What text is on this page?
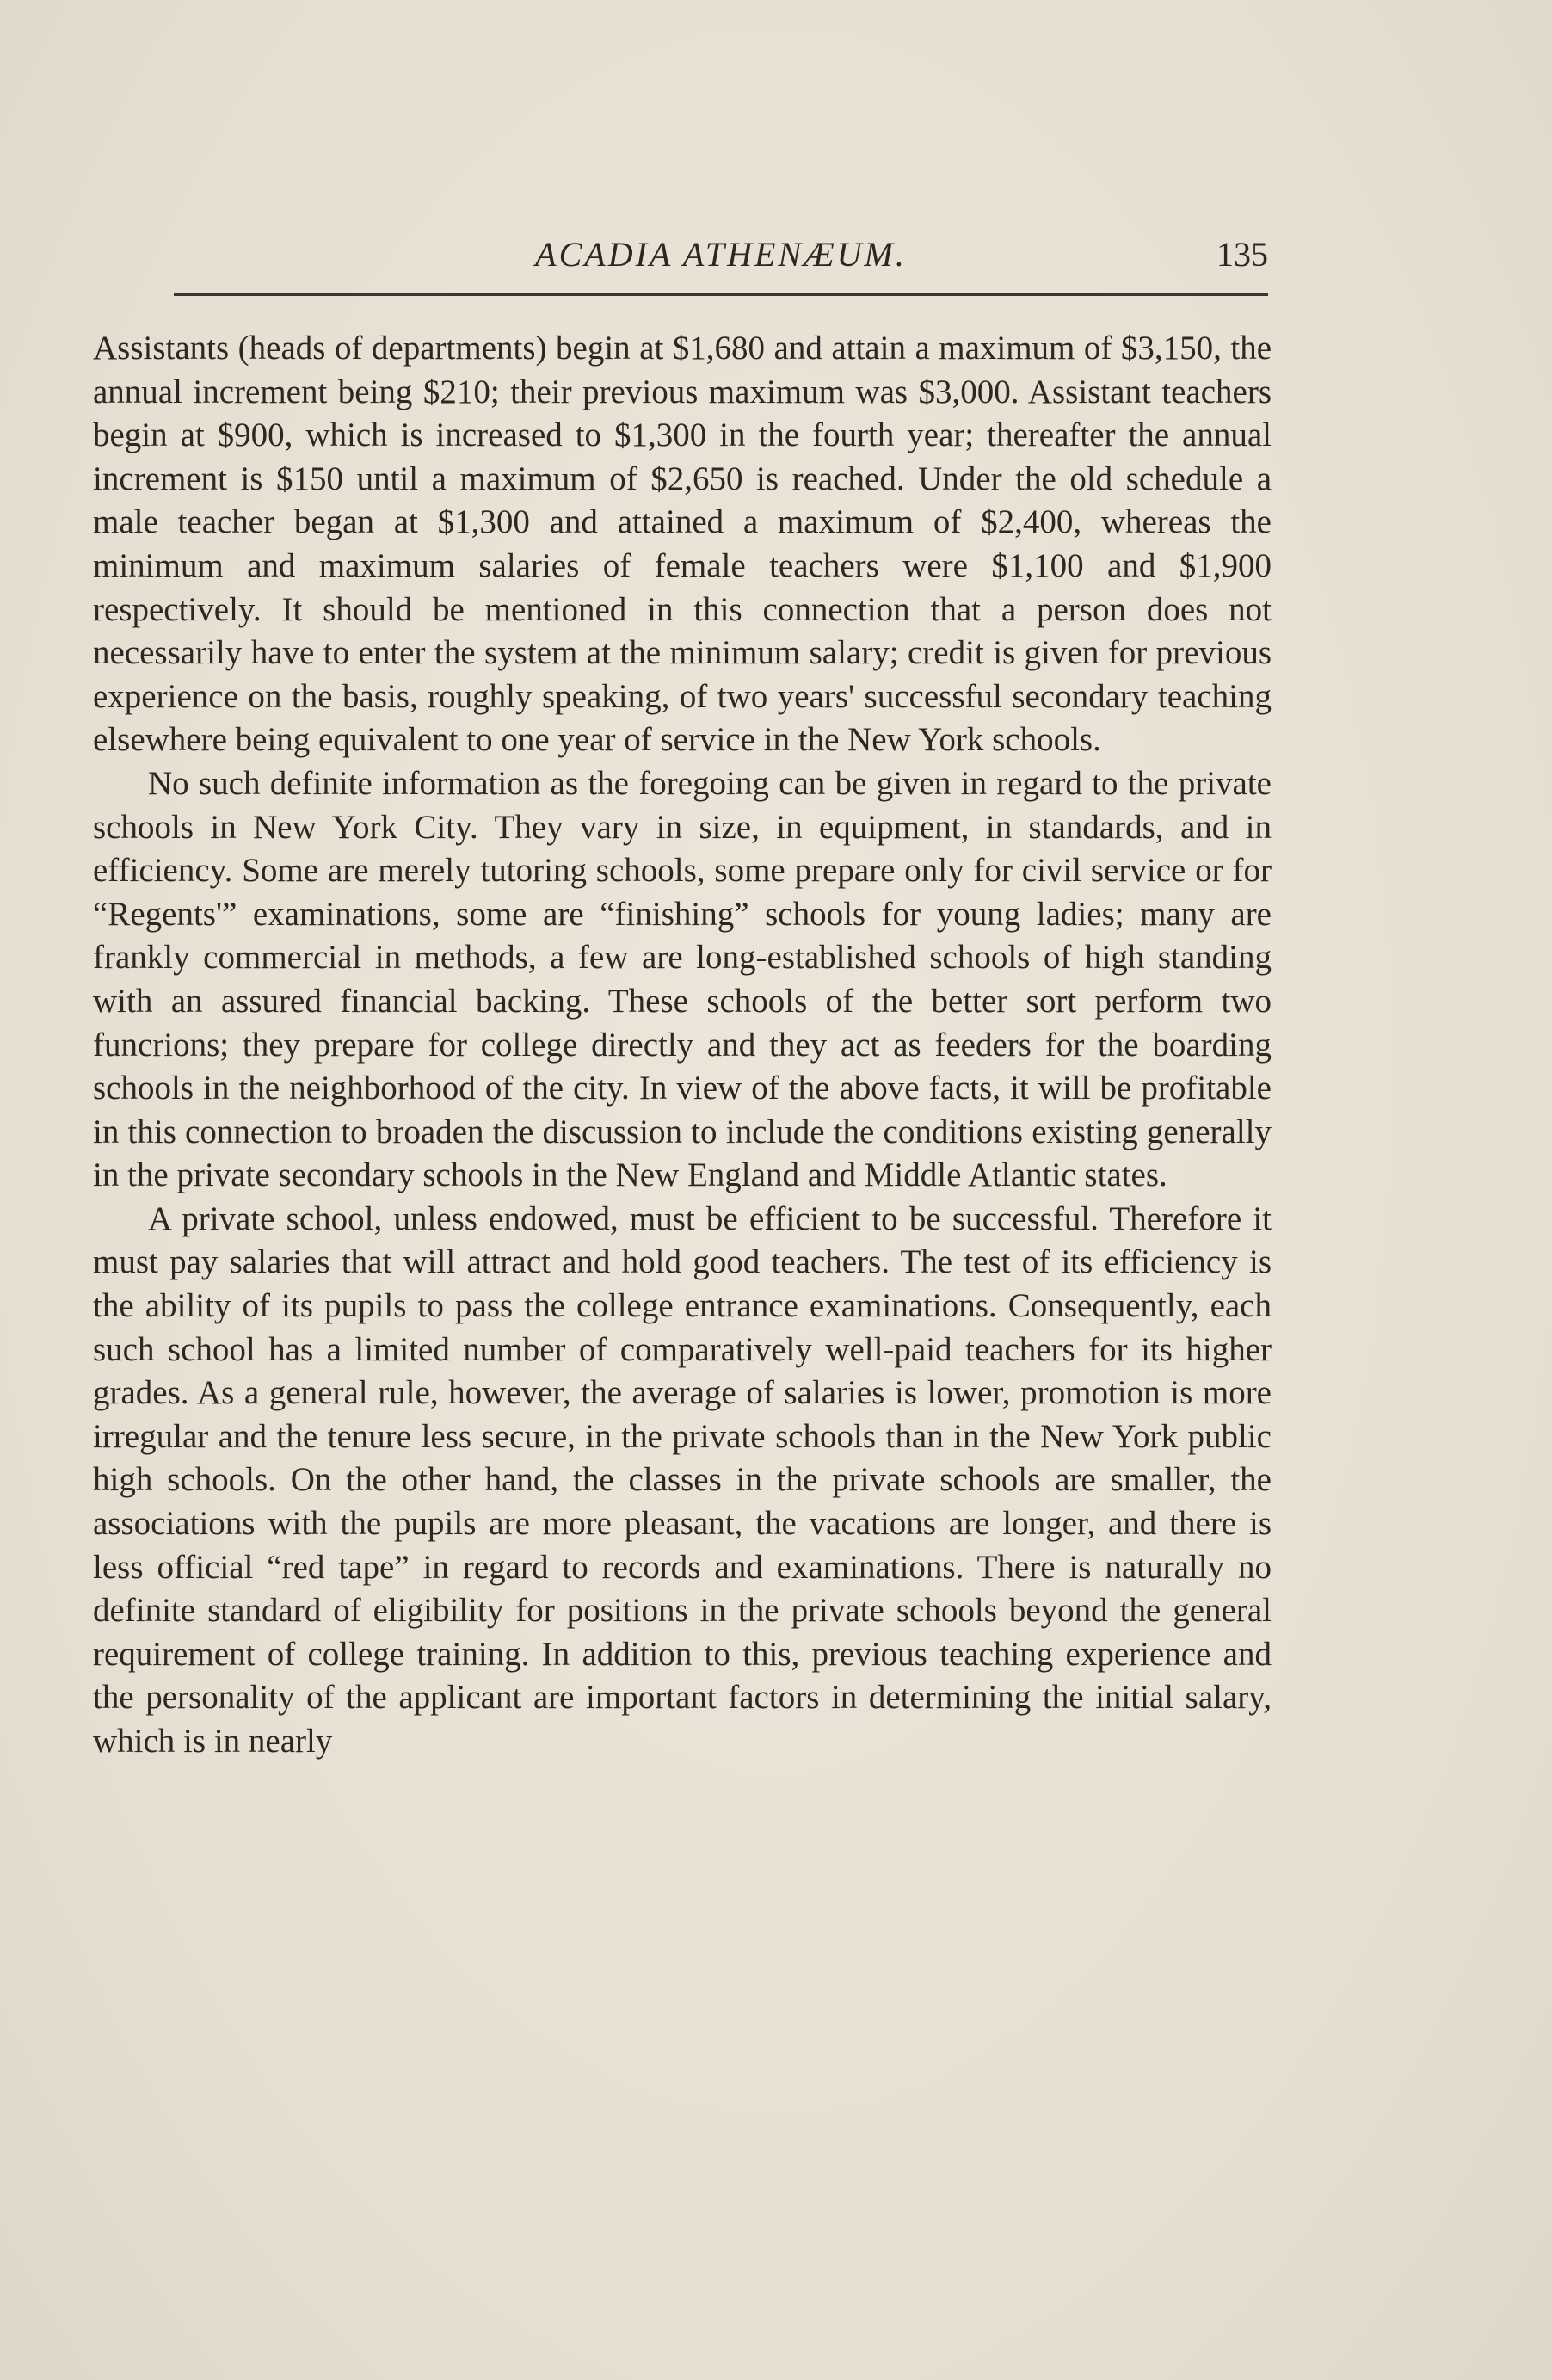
ACADIA ATHENÆUM.	135

Assistants (heads of departments) begin at $1,680 and attain a maximum of $3,150, the annual increment being $210; their previous maximum was $3,000. Assistant teachers begin at $900, which is increased to $1,300 in the fourth year; thereafter the annual increment is $150 until a maximum of $2,650 is reached. Under the old schedule a male teacher began at $1,300 and attained a maximum of $2,400, whereas the minimum and maximum salaries of female teachers were $1,100 and $1,900 respectively. It should be mentioned in this connection that a person does not necessarily have to enter the system at the minimum salary; credit is given for previous experience on the basis, roughly speaking, of two years' successful secondary teaching elsewhere being equivalent to one year of service in the New York schools.

No such definite information as the foregoing can be given in regard to the private schools in New York City. They vary in size, in equipment, in standards, and in efficiency. Some are merely tutoring schools, some prepare only for civil service or for “Regents'” examinations, some are “finishing” schools for young ladies; many are frankly commercial in methods, a few are long-established schools of high standing with an assured financial backing. These schools of the better sort perform two funcrions; they prepare for college directly and they act as feeders for the boarding schools in the neighborhood of the city. In view of the above facts, it will be profitable in this connection to broaden the discussion to include the conditions existing generally in the private secondary schools in the New England and Middle Atlantic states.

A private school, unless endowed, must be efficient to be successful. Therefore it must pay salaries that will attract and hold good teachers. The test of its efficiency is the ability of its pupils to pass the college entrance examinations. Consequently, each such school has a limited number of comparatively well-paid teachers for its higher grades. As a general rule, however, the average of salaries is lower, promotion is more irregular and the tenure less secure, in the private schools than in the New York public high schools. On the other hand, the classes in the private schools are smaller, the associations with the pupils are more pleasant, the vacations are longer, and there is less official “red tape” in regard to records and examinations. There is naturally no definite standard of eligibility for positions in the private schools beyond the general requirement of college training. In addition to this, previous teaching experience and the personality of the applicant are important factors in determining the initial salary, which is in nearly
